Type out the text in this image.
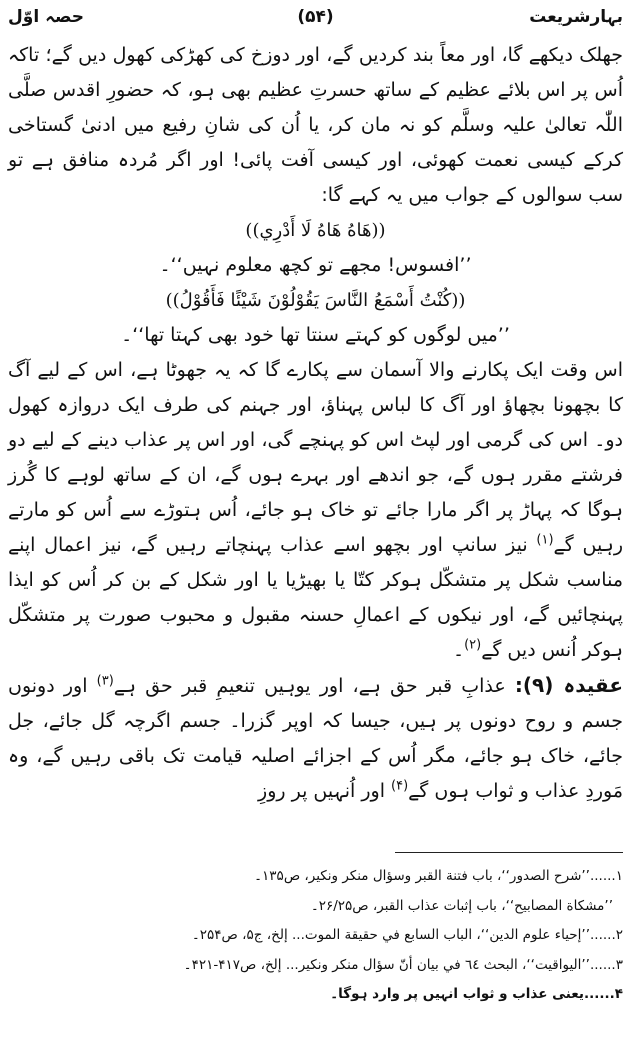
بہارشریعت
(۵۴)
حصہ اوّل

جھلک دیکھے گا، اور معاً بند کردیں گے، اور دوزخ کی کھڑکی کھول دیں گے؛ تاکہ اُس پر اس بلائے عظیم کے ساتھ حسرتِ عظیم بھی ہو، کہ حضورِ اقدس صلَّی اللّٰہ تعالیٰ علیہ وسلَّم کو نہ مان کر، یا اُن کی شانِ رفیع میں ادنیٰ گستاخی کرکے کیسی نعمت کھوئی، اور کیسی آفت پائی! اور اگر مُردہ منافق ہے تو سب سوالوں کے جواب میں یہ کہے گا:

((هَاهُ هَاهُ لَا أَدْرِي))

’’افسوس! مجھے تو کچھ معلوم نہیں‘‘۔

((كُنْتُ أَسْمَعُ النَّاسَ يَقُوْلُوْنَ شَيْئًا فَأَقُوْلُ))

’’میں لوگوں کو کہتے سنتا تھا خود بھی کہتا تھا‘‘۔

اس وقت ایک پکارنے والا آسمان سے پکارے گا کہ یہ جھوٹا ہے، اس کے لیے آگ کا بچھونا بچھاؤ اور آگ کا لباس پہناؤ، اور جہنم کی طرف ایک دروازہ کھول دو۔ اس کی گرمی اور لپٹ اس کو پہنچے گی، اور اس پر عذاب دینے کے لیے دو فرشتے مقرر ہوں گے، جو اندھے اور بہرے ہوں گے، ان کے ساتھ لوہے کا گُرز ہوگا کہ پہاڑ پر اگر مارا جائے تو خاک ہو جائے، اُس ہتوڑے سے اُس کو مارتے رہیں گے$^{(۱)}$ نیز سانپ اور بچھو اسے عذاب پہنچاتے رہیں گے، نیز اعمال اپنے مناسب شکل پر متشکّل ہوکر کتّا یا بھیڑیا یا اور شکل کے بن کر اُس کو ایذا پہنچائیں گے، اور نیکوں کے اعمالِ حسنہ مقبول و محبوب صورت پر متشکّل ہوکر اُنس دیں گے$^{(۲)}$۔

عقیدہ (۹): عذابِ قبر حق ہے، اور یوہیں تنعیمِ قبر حق ہے$^{(۳)}$ اور دونوں جسم و روح دونوں پر ہیں، جیسا کہ اوپر گزرا۔ جسم اگرچہ گل جائے، جل جائے، خاک ہو جائے، مگر اُس کے اجزائے اصلیہ قیامت تک باقی رہیں گے، وہ مَوردِ عذاب و ثواب ہوں گے$^{(۴)}$ اور اُنہیں پر روزِ

۱......’’شرح الصدور‘‘، باب فتنة القبر وسؤال منكر ونكير، ص۱۳۵۔

’’مشكاة المصابيح‘‘، باب إثبات عذاب القبر، ص۲۶/۲۵۔

۲......’’إحياء علوم الدين‘‘، الباب السابع في حقيقة الموت... إلخ، ج۵، ص۲۵۴۔

۳......’’اليواقيت‘‘، البحث ٦٤ في بيان أنّ سؤال منكر ونكير... إلخ، ص۴۱۷-۴۲۱۔

۴......یعنی عذاب و ثواب انہیں پر وارد ہوگا۔
